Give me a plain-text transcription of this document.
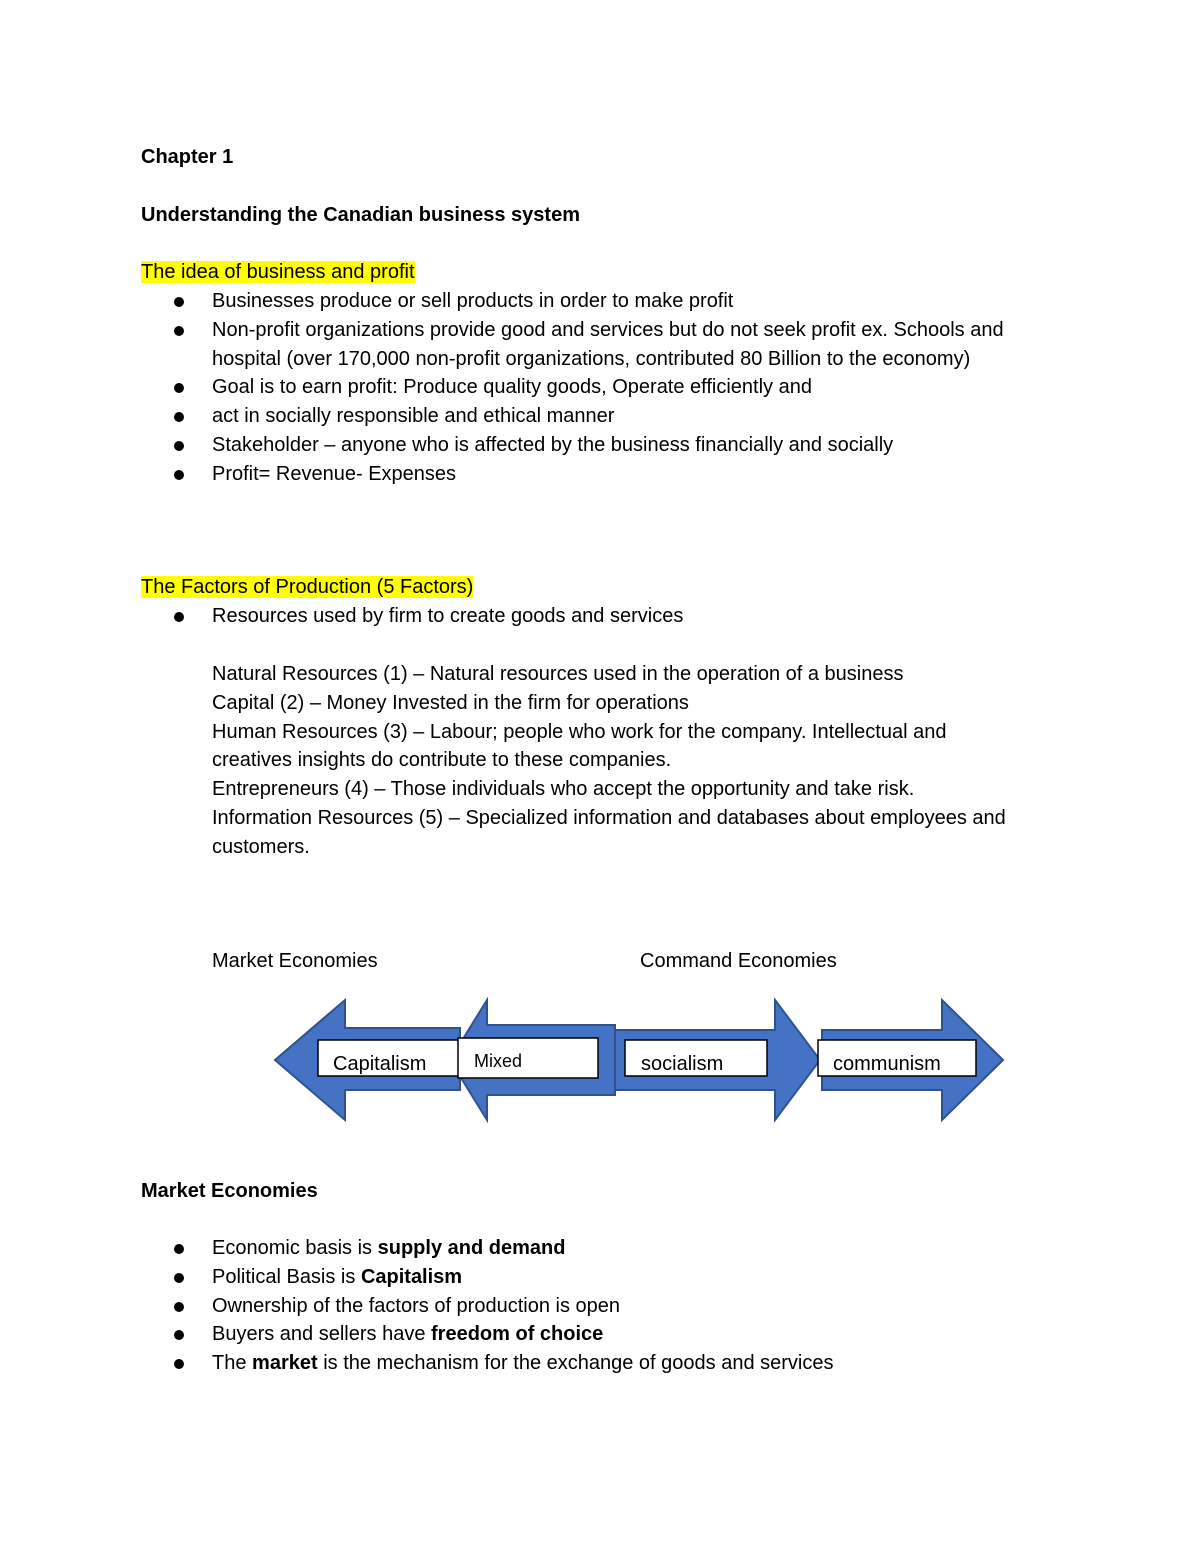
Chapter 1
Understanding the Canadian business system
The idea of business and profit
Businesses produce or sell products in order to make profit
Non-profit organizations provide good and services but do not seek profit ex. Schools and hospital (over 170,000 non-profit organizations, contributed 80 Billion to the economy)
Goal is to earn profit: Produce quality goods, Operate efficiently and
act in socially responsible and ethical manner
Stakeholder – anyone who is affected by the business financially and socially
Profit= Revenue- Expenses
The Factors of Production (5 Factors)
Resources used by firm to create goods and services
Natural Resources (1) – Natural resources used in the operation of a business
Capital (2) – Money Invested in the firm for operations
Human Resources (3) – Labour; people who work for the company. Intellectual and creatives insights do contribute to these companies.
Entrepreneurs (4) – Those individuals who accept the opportunity and take risk.
Information Resources (5) – Specialized information and databases about employees and customers.
Market Economies	Command Economies
Capitalism	Mixed	socialism	communism
Market Economies
Economic basis is supply and demand
Political Basis is Capitalism
Ownership of the factors of production is open
Buyers and sellers have freedom of choice
The market is the mechanism for the exchange of goods and services
